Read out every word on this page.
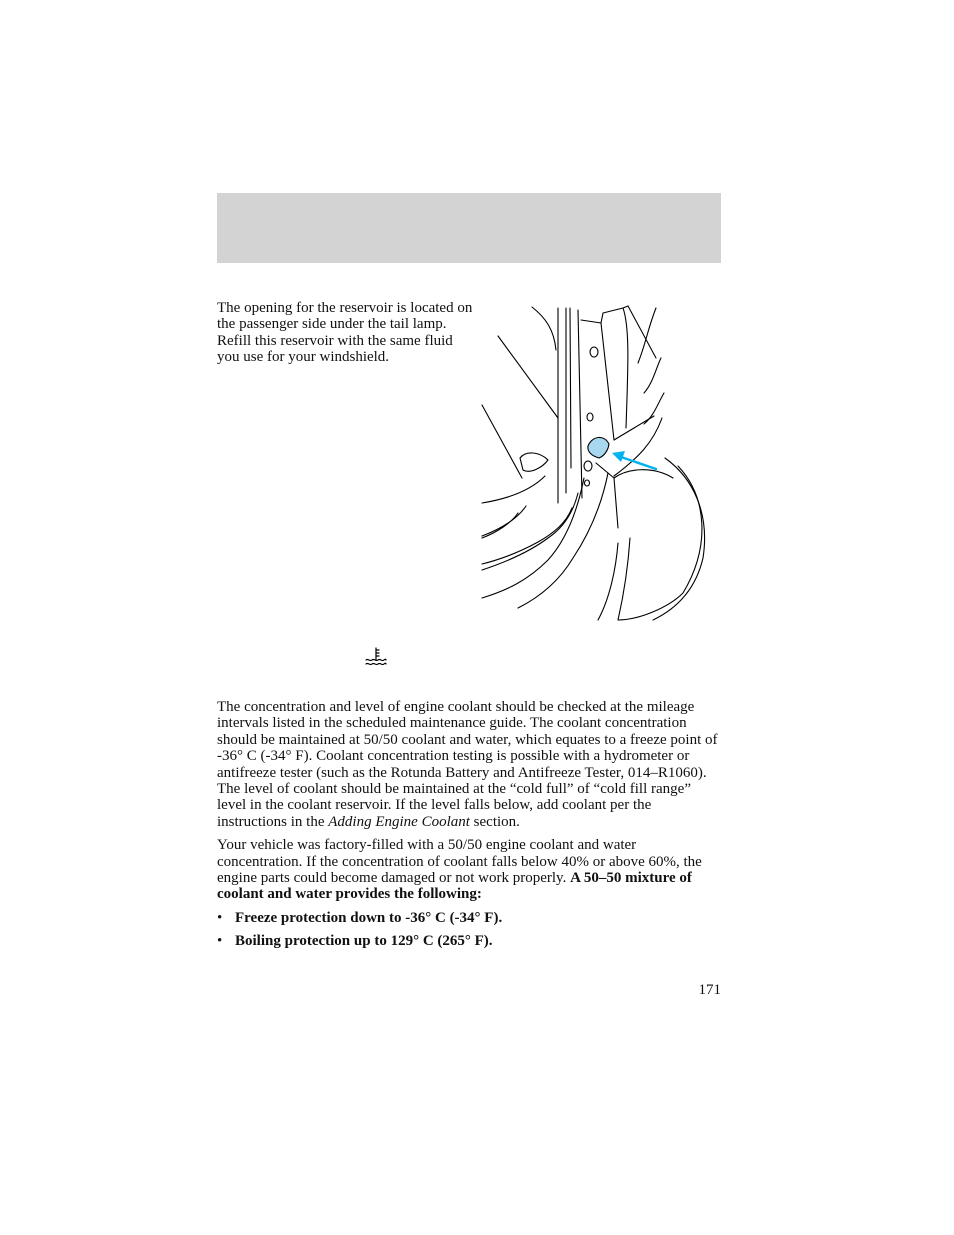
The opening for the reservoir is located on the passenger side under the tail lamp. Refill this reservoir with the same fluid you use for your windshield.

The concentration and level of engine coolant should be checked at the mileage intervals listed in the scheduled maintenance guide. The coolant concentration should be maintained at 50/50 coolant and water, which equates to a freeze point of -36° C (-34° F). Coolant concentration testing is possible with a hydrometer or antifreeze tester (such as the Rotunda Battery and Antifreeze Tester, 014–R1060). The level of coolant should be maintained at the “cold full” of “cold fill range” level in the coolant reservoir. If the level falls below, add coolant per the instructions in the Adding Engine Coolant section.

Your vehicle was factory-filled with a 50/50 engine coolant and water concentration. If the concentration of coolant falls below 40% or above 60%, the engine parts could become damaged or not work properly. A 50–50 mixture of coolant and water provides the following:

• Freeze protection down to -36° C (-34° F).
• Boiling protection up to 129° C (265° F).
171
